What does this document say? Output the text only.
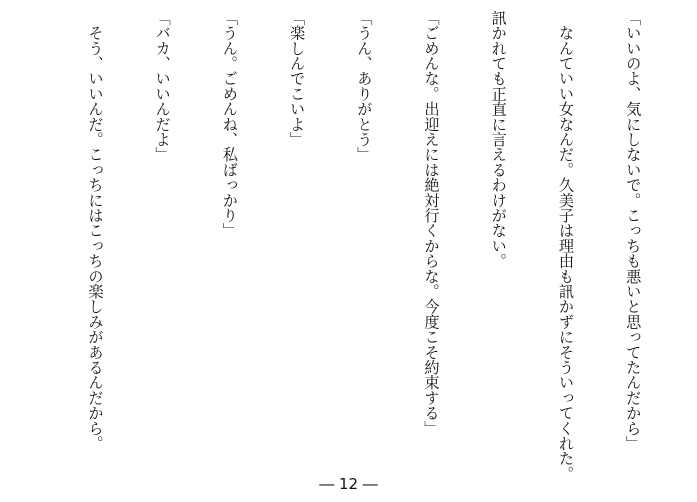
「いいのよ、気にしないで。こっちも悪いと思ってたんだから」

　なんていい女なんだ。久美子は理由も訊かずにそういってくれた。

訊かれても正直に言えるわけがない。

「ごめんな。出迎えには絶対行くからな。今度こそ約束する」

「うん、ありがとう」

「楽しんでこいよ」

「うん。ごめんね、私ばっかり」

「バカ、いいんだよ」

　そう、いいんだ。こっちにはこっちの楽しみがあるんだから。

― 12 ―
